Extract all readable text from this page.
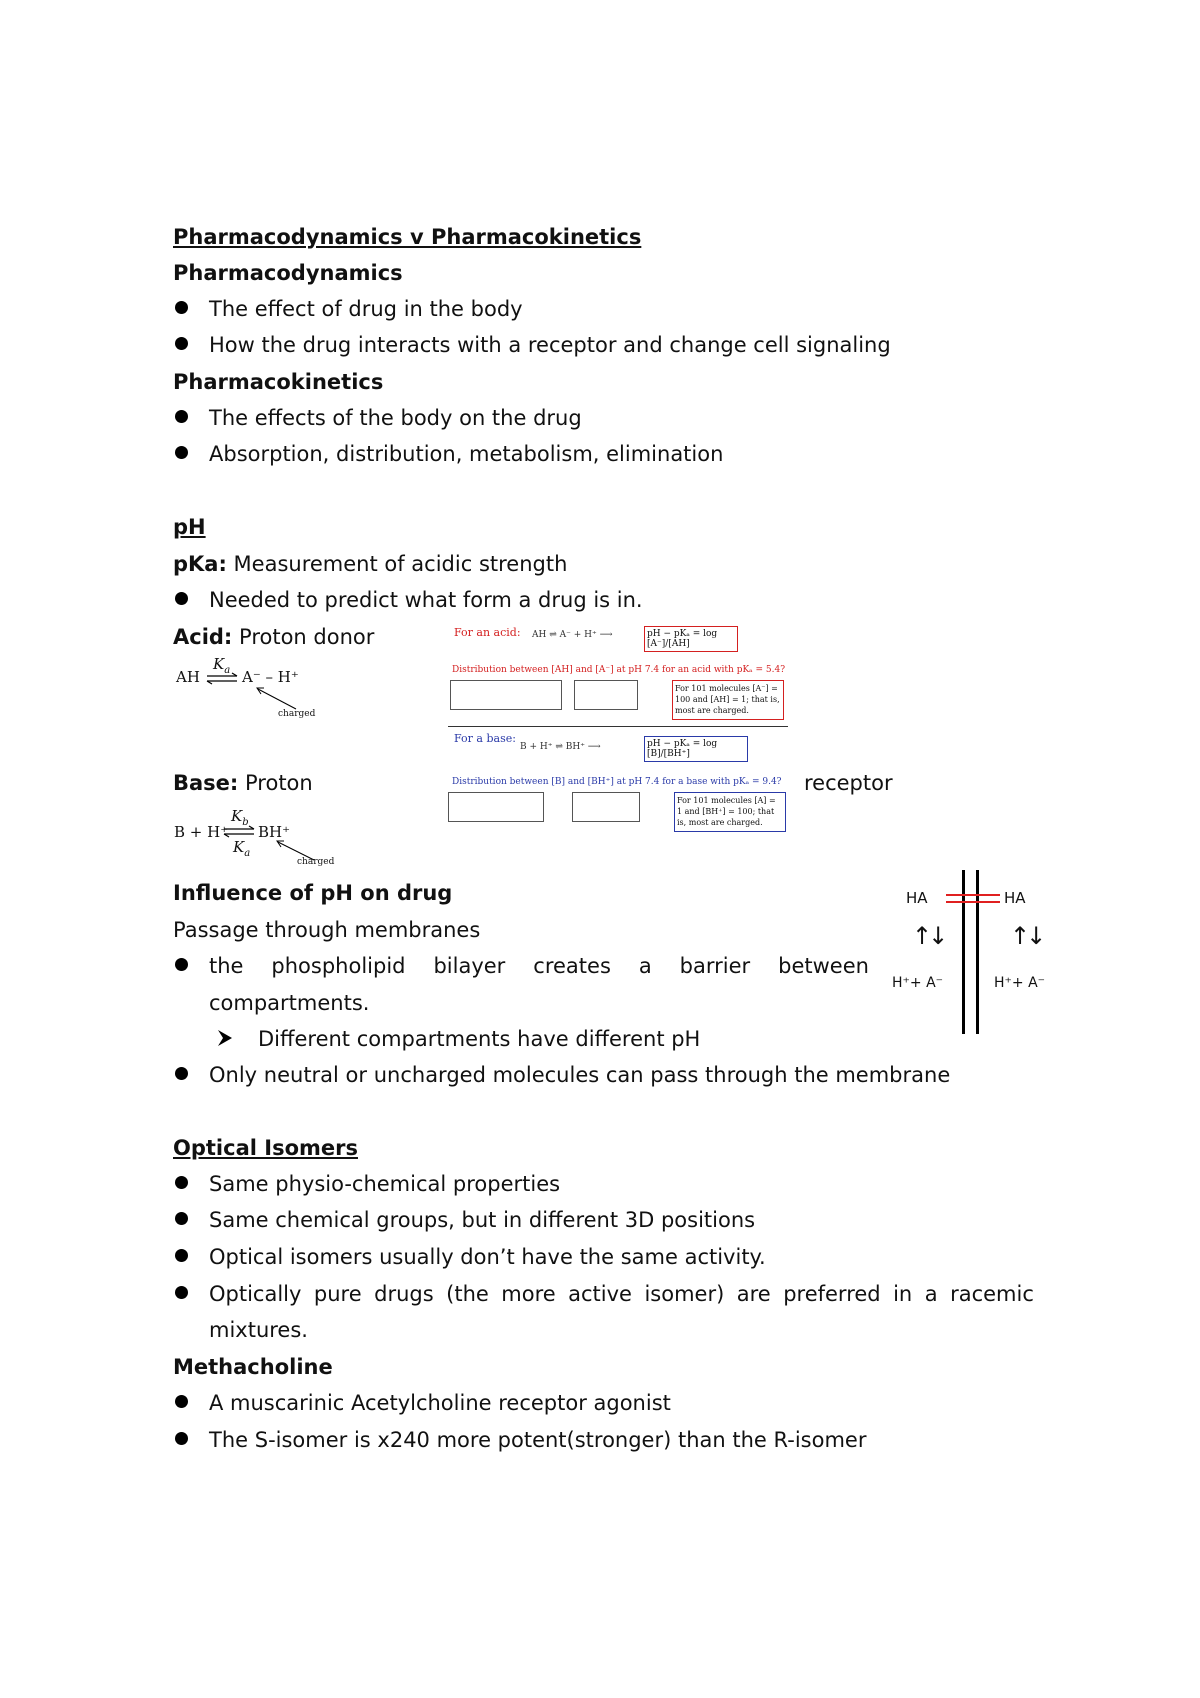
Pharmacodynamics v Pharmacokinetics
Pharmacodynamics
The effect of drug in the body
How the drug interacts with a receptor and change cell signaling
Pharmacokinetics
The effects of the body on the drug
Absorption, distribution, metabolism, elimination
pH
pKa: Measurement of acidic strength
Needed to predict what form a drug is in.
Acid: Proton donor
AH
$K_a$ ⇌ A⁻ – H⁺
charged
Base: Proton	receptor
B + H⁺
$K_b$
$K_a$
BH⁺
charged
For an acid: AH ⇌ A⁻ + H⁺ ⟶	pH − pKₐ = log [A⁻]/[AH]
Distribution between [AH] and [A⁻] at pH 7.4 for an acid with pKₐ = 5.4?
For 101 molecules [A⁻] = 100 and [AH] = 1; that is, most are charged.
For a base:
B + H⁺ ⇌ BH⁺ ⟶	pH − pKₐ = log [B]/[BH⁺]
Distribution between [B] and [BH⁺] at pH 7.4 for a base with pKₐ = 9.4?
For 101 molecules [A] = 1 and [BH⁺] = 100; that is, most are charged.
Influence of pH on drug
Passage through membranes
the phospholipid bilayer creates a barrier between
compartments.
Different compartments have different pH
Only neutral or uncharged molecules can pass through the membrane
HA	HA
↑↓	↑↓
H⁺+ A⁻	H⁺+ A⁻
Optical Isomers
Same physio-chemical properties
Same chemical groups, but in different 3D positions
Optical isomers usually don’t have the same activity.
Optically pure drugs (the more active isomer) are preferred in a racemic
mixtures.
Methacholine
A muscarinic Acetylcholine receptor agonist
The S-isomer is x240 more potent(stronger) than the R-isomer
